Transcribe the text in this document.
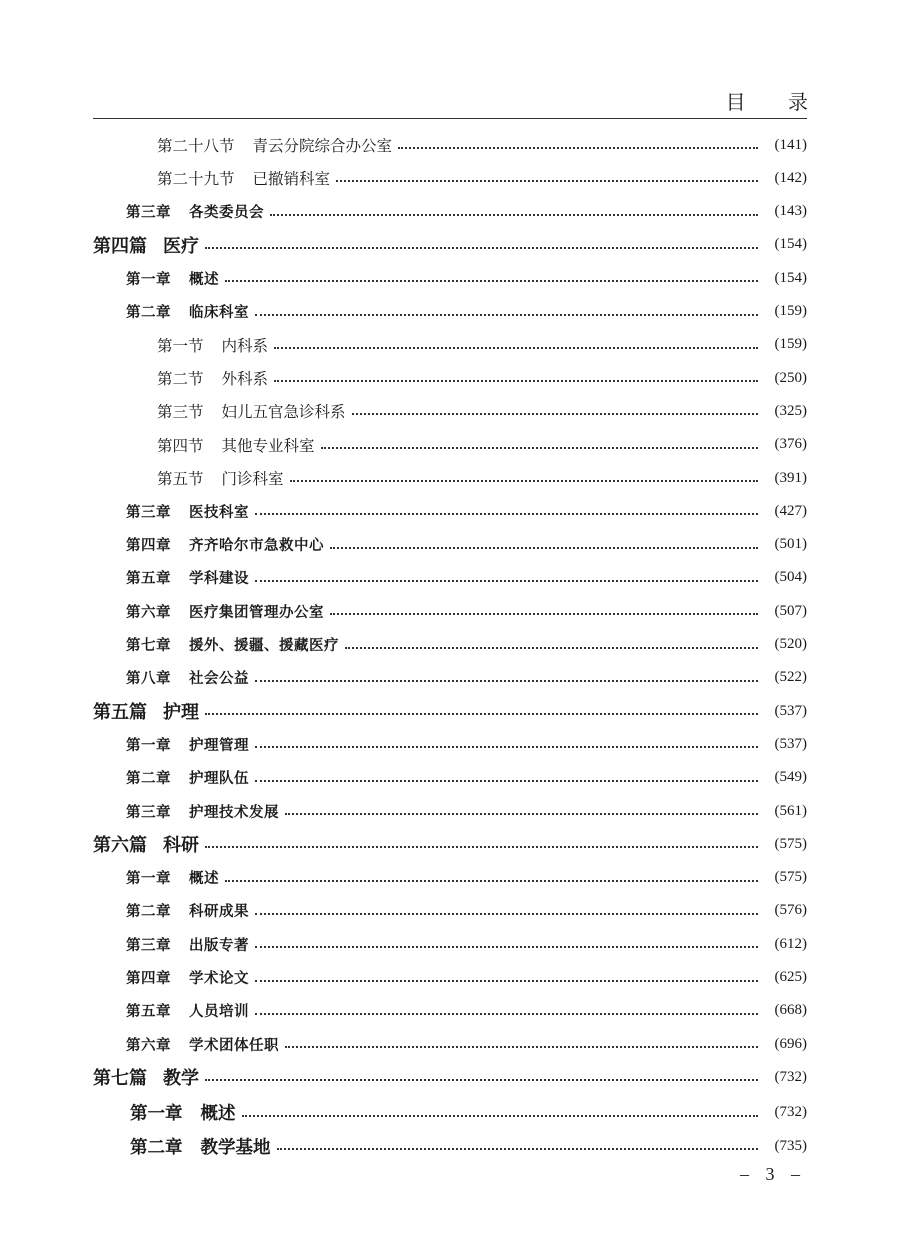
目 录
第二十八节 青云分院综合办公室	(141)
第二十九节 已撤销科室	(142)
第三章 各类委员会	(143)
第四篇 医疗	(154)
第一章 概述	(154)
第二章 临床科室	(159)
第一节 内科系	(159)
第二节 外科系	(250)
第三节 妇儿五官急诊科系	(325)
第四节 其他专业科室	(376)
第五节 门诊科室	(391)
第三章 医技科室	(427)
第四章 齐齐哈尔市急救中心	(501)
第五章 学科建设	(504)
第六章 医疗集团管理办公室	(507)
第七章 援外、援疆、援藏医疗	(520)
第八章 社会公益	(522)
第五篇 护理	(537)
第一章 护理管理	(537)
第二章 护理队伍	(549)
第三章 护理技术发展	(561)
第六篇 科研	(575)
第一章 概述	(575)
第二章 科研成果	(576)
第三章 出版专著	(612)
第四章 学术论文	(625)
第五章 人员培训	(668)
第六章 学术团体任职	(696)
第七篇 教学	(732)
第一章 概述	(732)
第二章 教学基地	(735)
– 3 –
